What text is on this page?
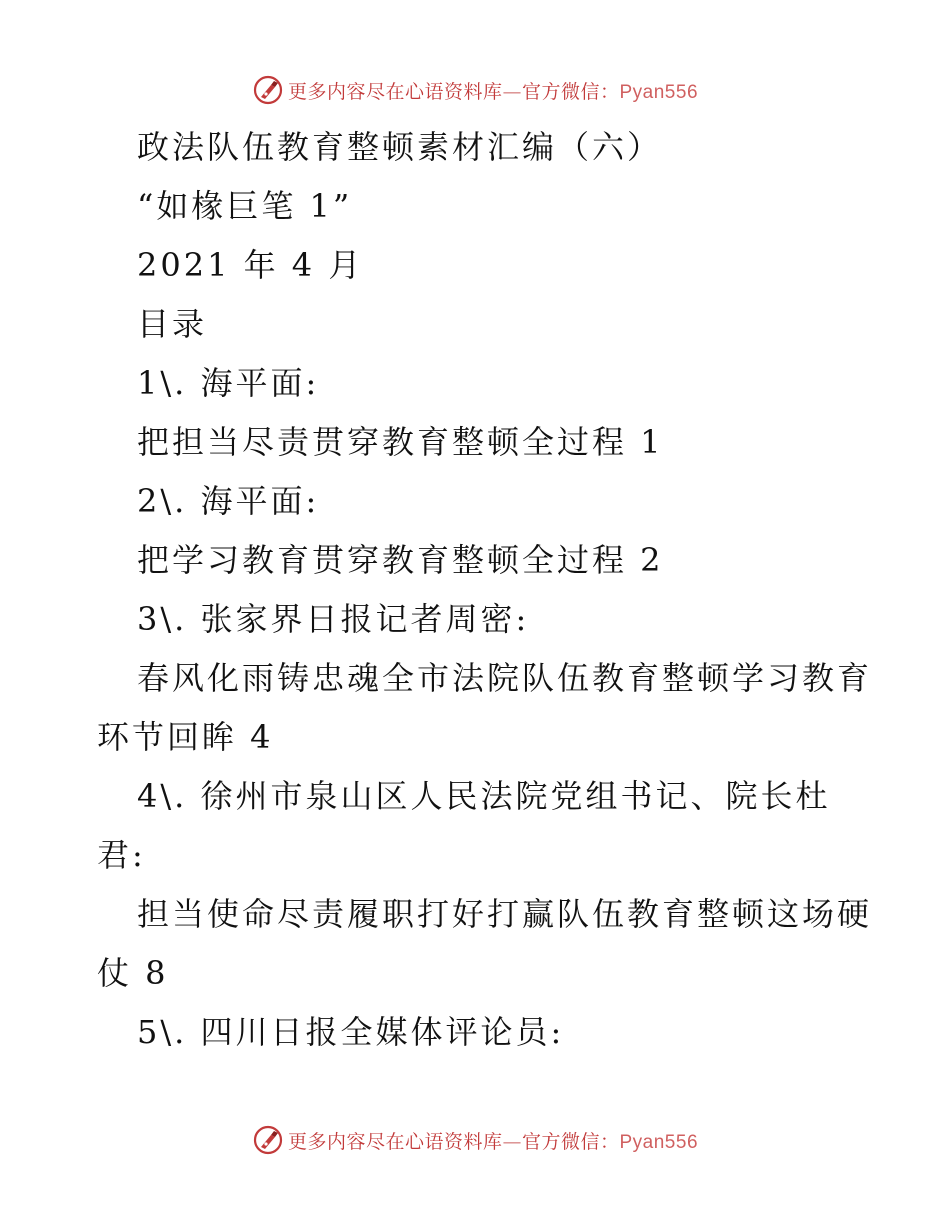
更多内容尽在心语资料库—官方微信：Pyan556
政法队伍教育整顿素材汇编（六）
“如椽巨笔 1”
2021 年 4 月
目录
1\. 海平面:
把担当尽责贯穿教育整顿全过程 1
2\. 海平面:
把学习教育贯穿教育整顿全过程 2
3\. 张家界日报记者周密:
春风化雨铸忠魂全市法院队伍教育整顿学习教育
环节回眸 4
4\. 徐州市泉山区人民法院党组书记、院长杜
君:
担当使命尽责履职打好打赢队伍教育整顿这场硬
仗 8
5\. 四川日报全媒体评论员:
更多内容尽在心语资料库—官方微信：Pyan556
